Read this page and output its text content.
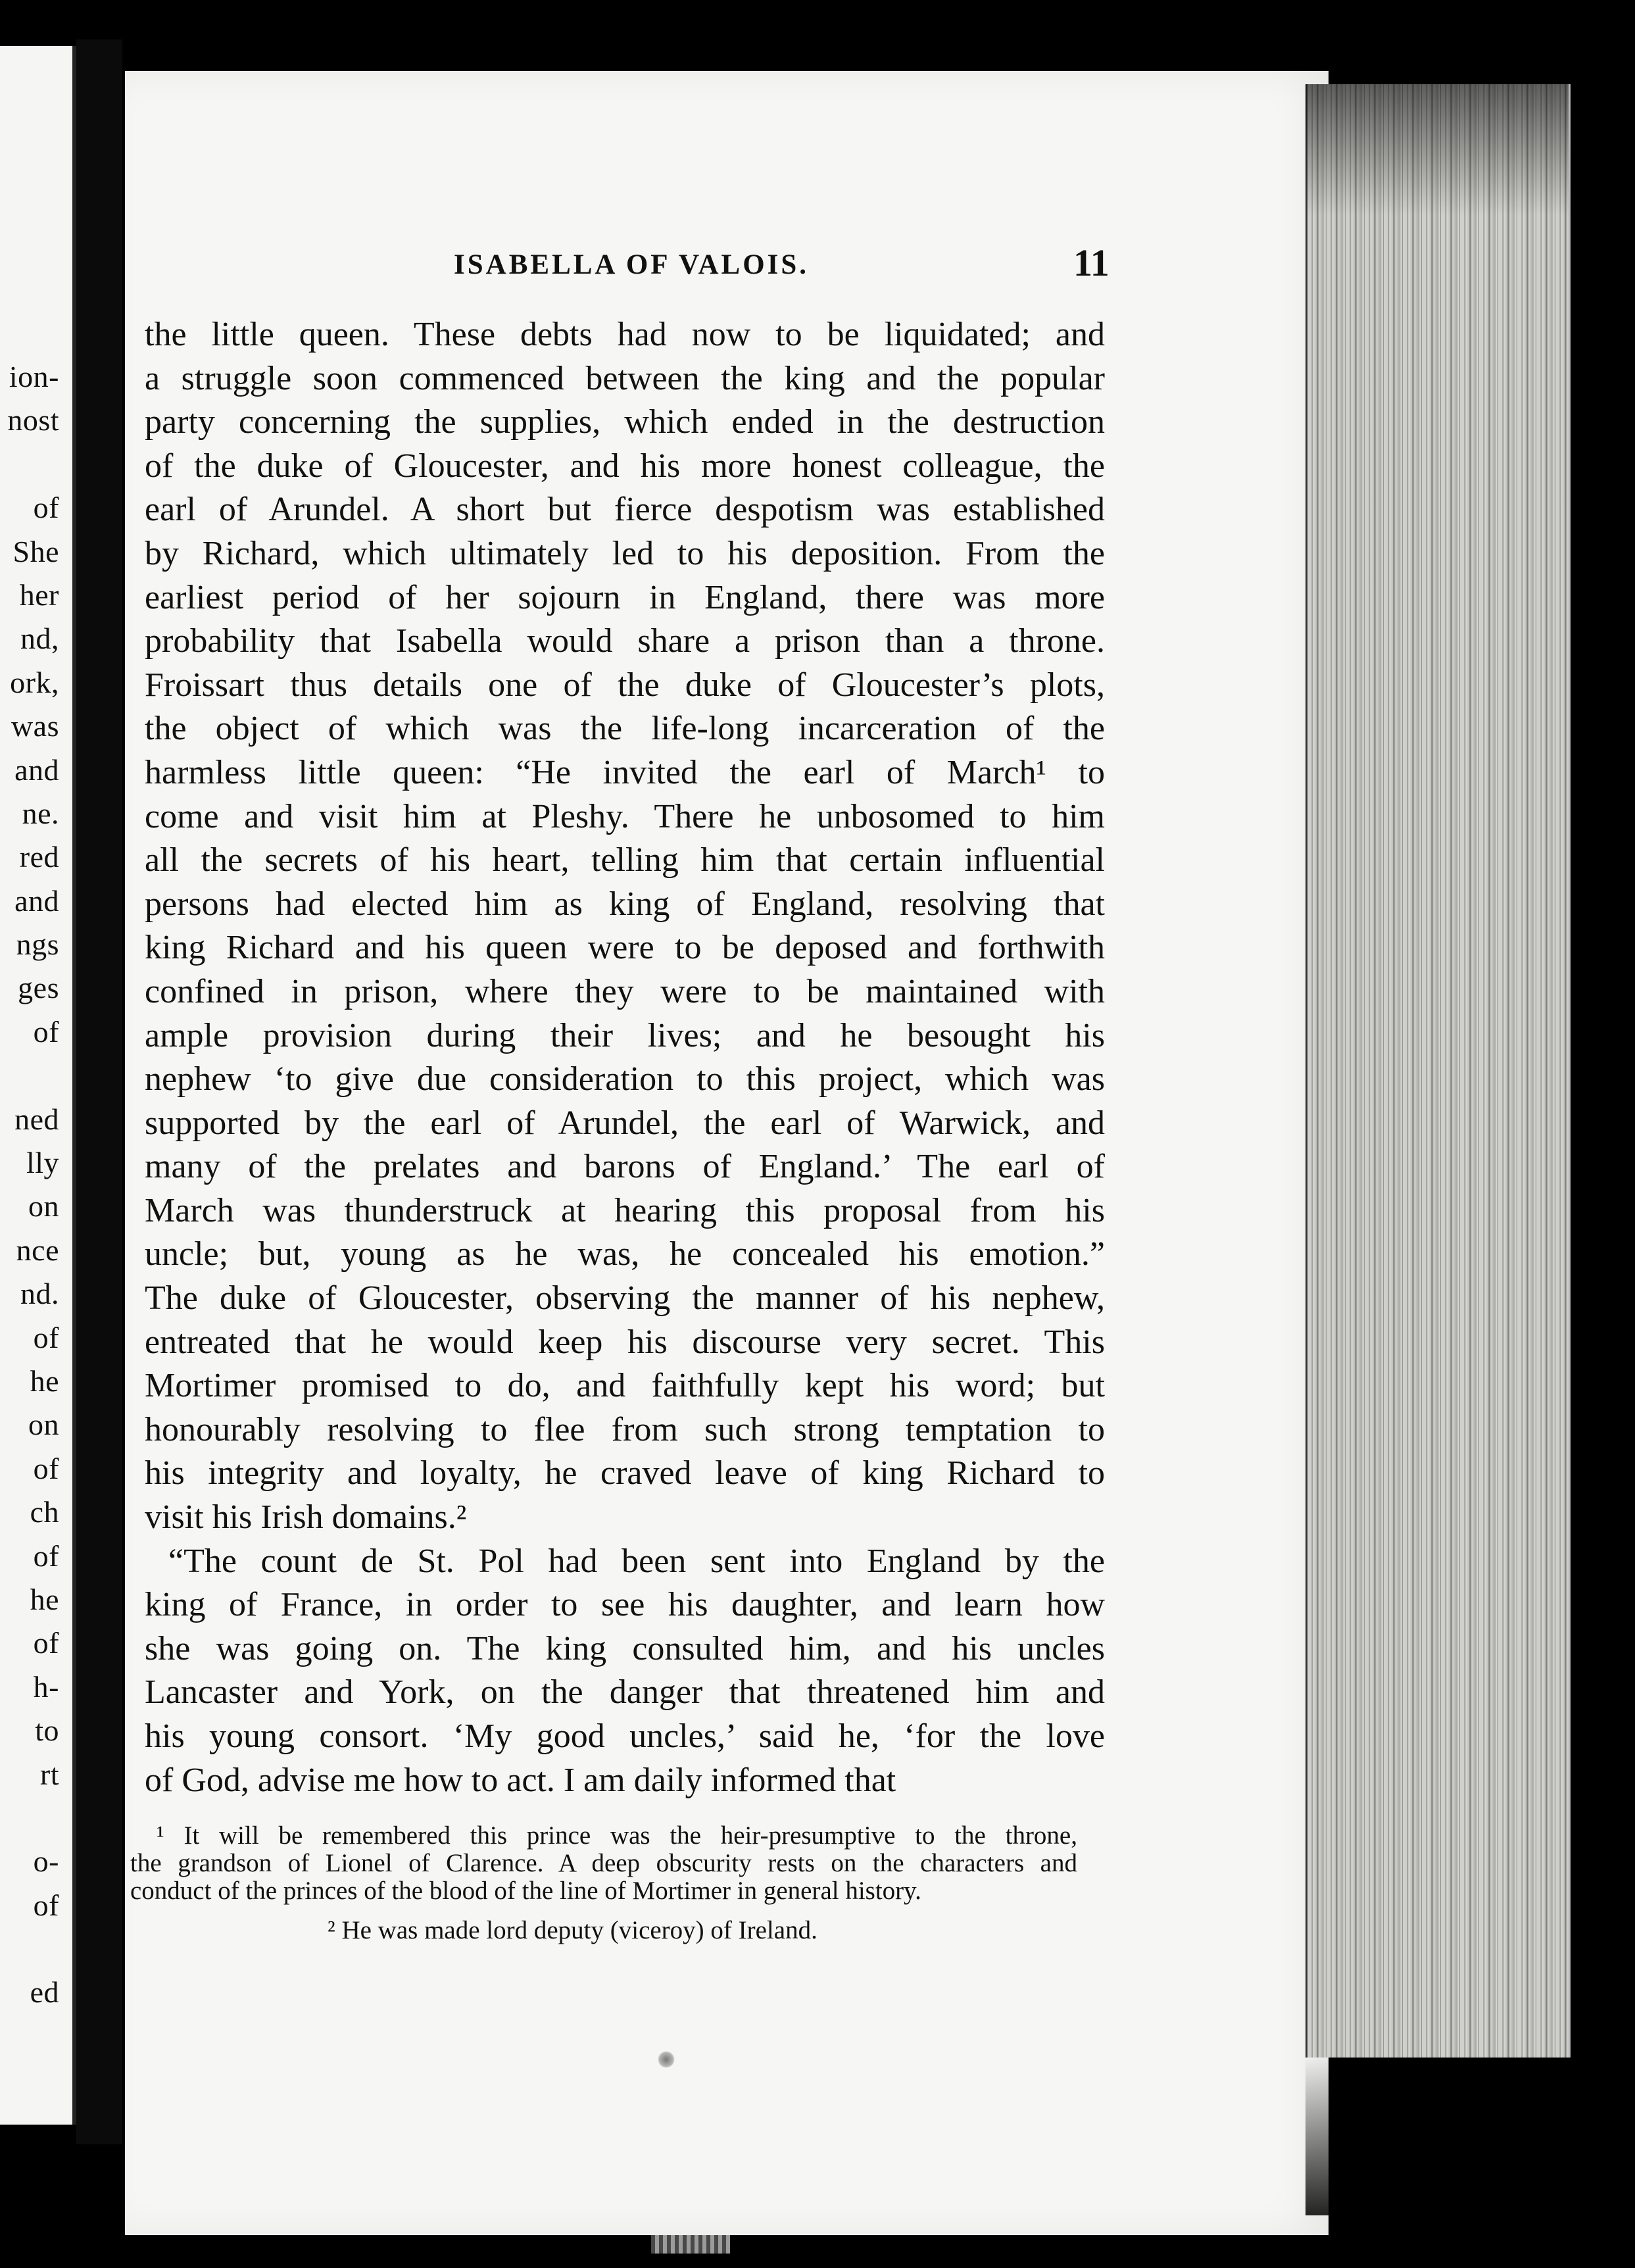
ion-
nost
of
She
her
nd,
ork,
was
and
ne.
red
and
ngs
ges
of
ned
lly
on
nce
nd.
of
he
on
of
ch
of
he
of
h-
to
rt
o-
of
ed
ISABELLA OF VALOIS.	11
the little queen. These debts had now to be liquidated; and
a struggle soon commenced between the king and the popular
party concerning the supplies, which ended in the destruction
of the duke of Gloucester, and his more honest colleague, the
earl of Arundel. A short but fierce despotism was established
by Richard, which ultimately led to his deposition. From the
earliest period of her sojourn in England, there was more
probability that Isabella would share a prison than a throne.
Froissart thus details one of the duke of Gloucester’s plots,
the object of which was the life-long incarceration of the
harmless little queen: “He invited the earl of March¹ to
come and visit him at Pleshy. There he unbosomed to him
all the secrets of his heart, telling him that certain influential
persons had elected him as king of England, resolving that
king Richard and his queen were to be deposed and forthwith
confined in prison, where they were to be maintained with
ample provision during their lives; and he besought his
nephew ‘to give due consideration to this project, which was
supported by the earl of Arundel, the earl of Warwick, and
many of the prelates and barons of England.’ The earl of
March was thunderstruck at hearing this proposal from his
uncle; but, young as he was, he concealed his emotion.”
The duke of Gloucester, observing the manner of his nephew,
entreated that he would keep his discourse very secret. This
Mortimer promised to do, and faithfully kept his word; but
honourably resolving to flee from such strong temptation to
his integrity and loyalty, he craved leave of king Richard to
visit his Irish domains.²
“The count de St. Pol had been sent into England by the
king of France, in order to see his daughter, and learn how
she was going on. The king consulted him, and his uncles
Lancaster and York, on the danger that threatened him and
his young consort. ‘My good uncles,’ said he, ‘for the love
of God, advise me how to act. I am daily informed that
¹ It will be remembered this prince was the heir-presumptive to the throne,
the grandson of Lionel of Clarence. A deep obscurity rests on the characters and
conduct of the princes of the blood of the line of Mortimer in general history.
² He was made lord deputy (viceroy) of Ireland.
